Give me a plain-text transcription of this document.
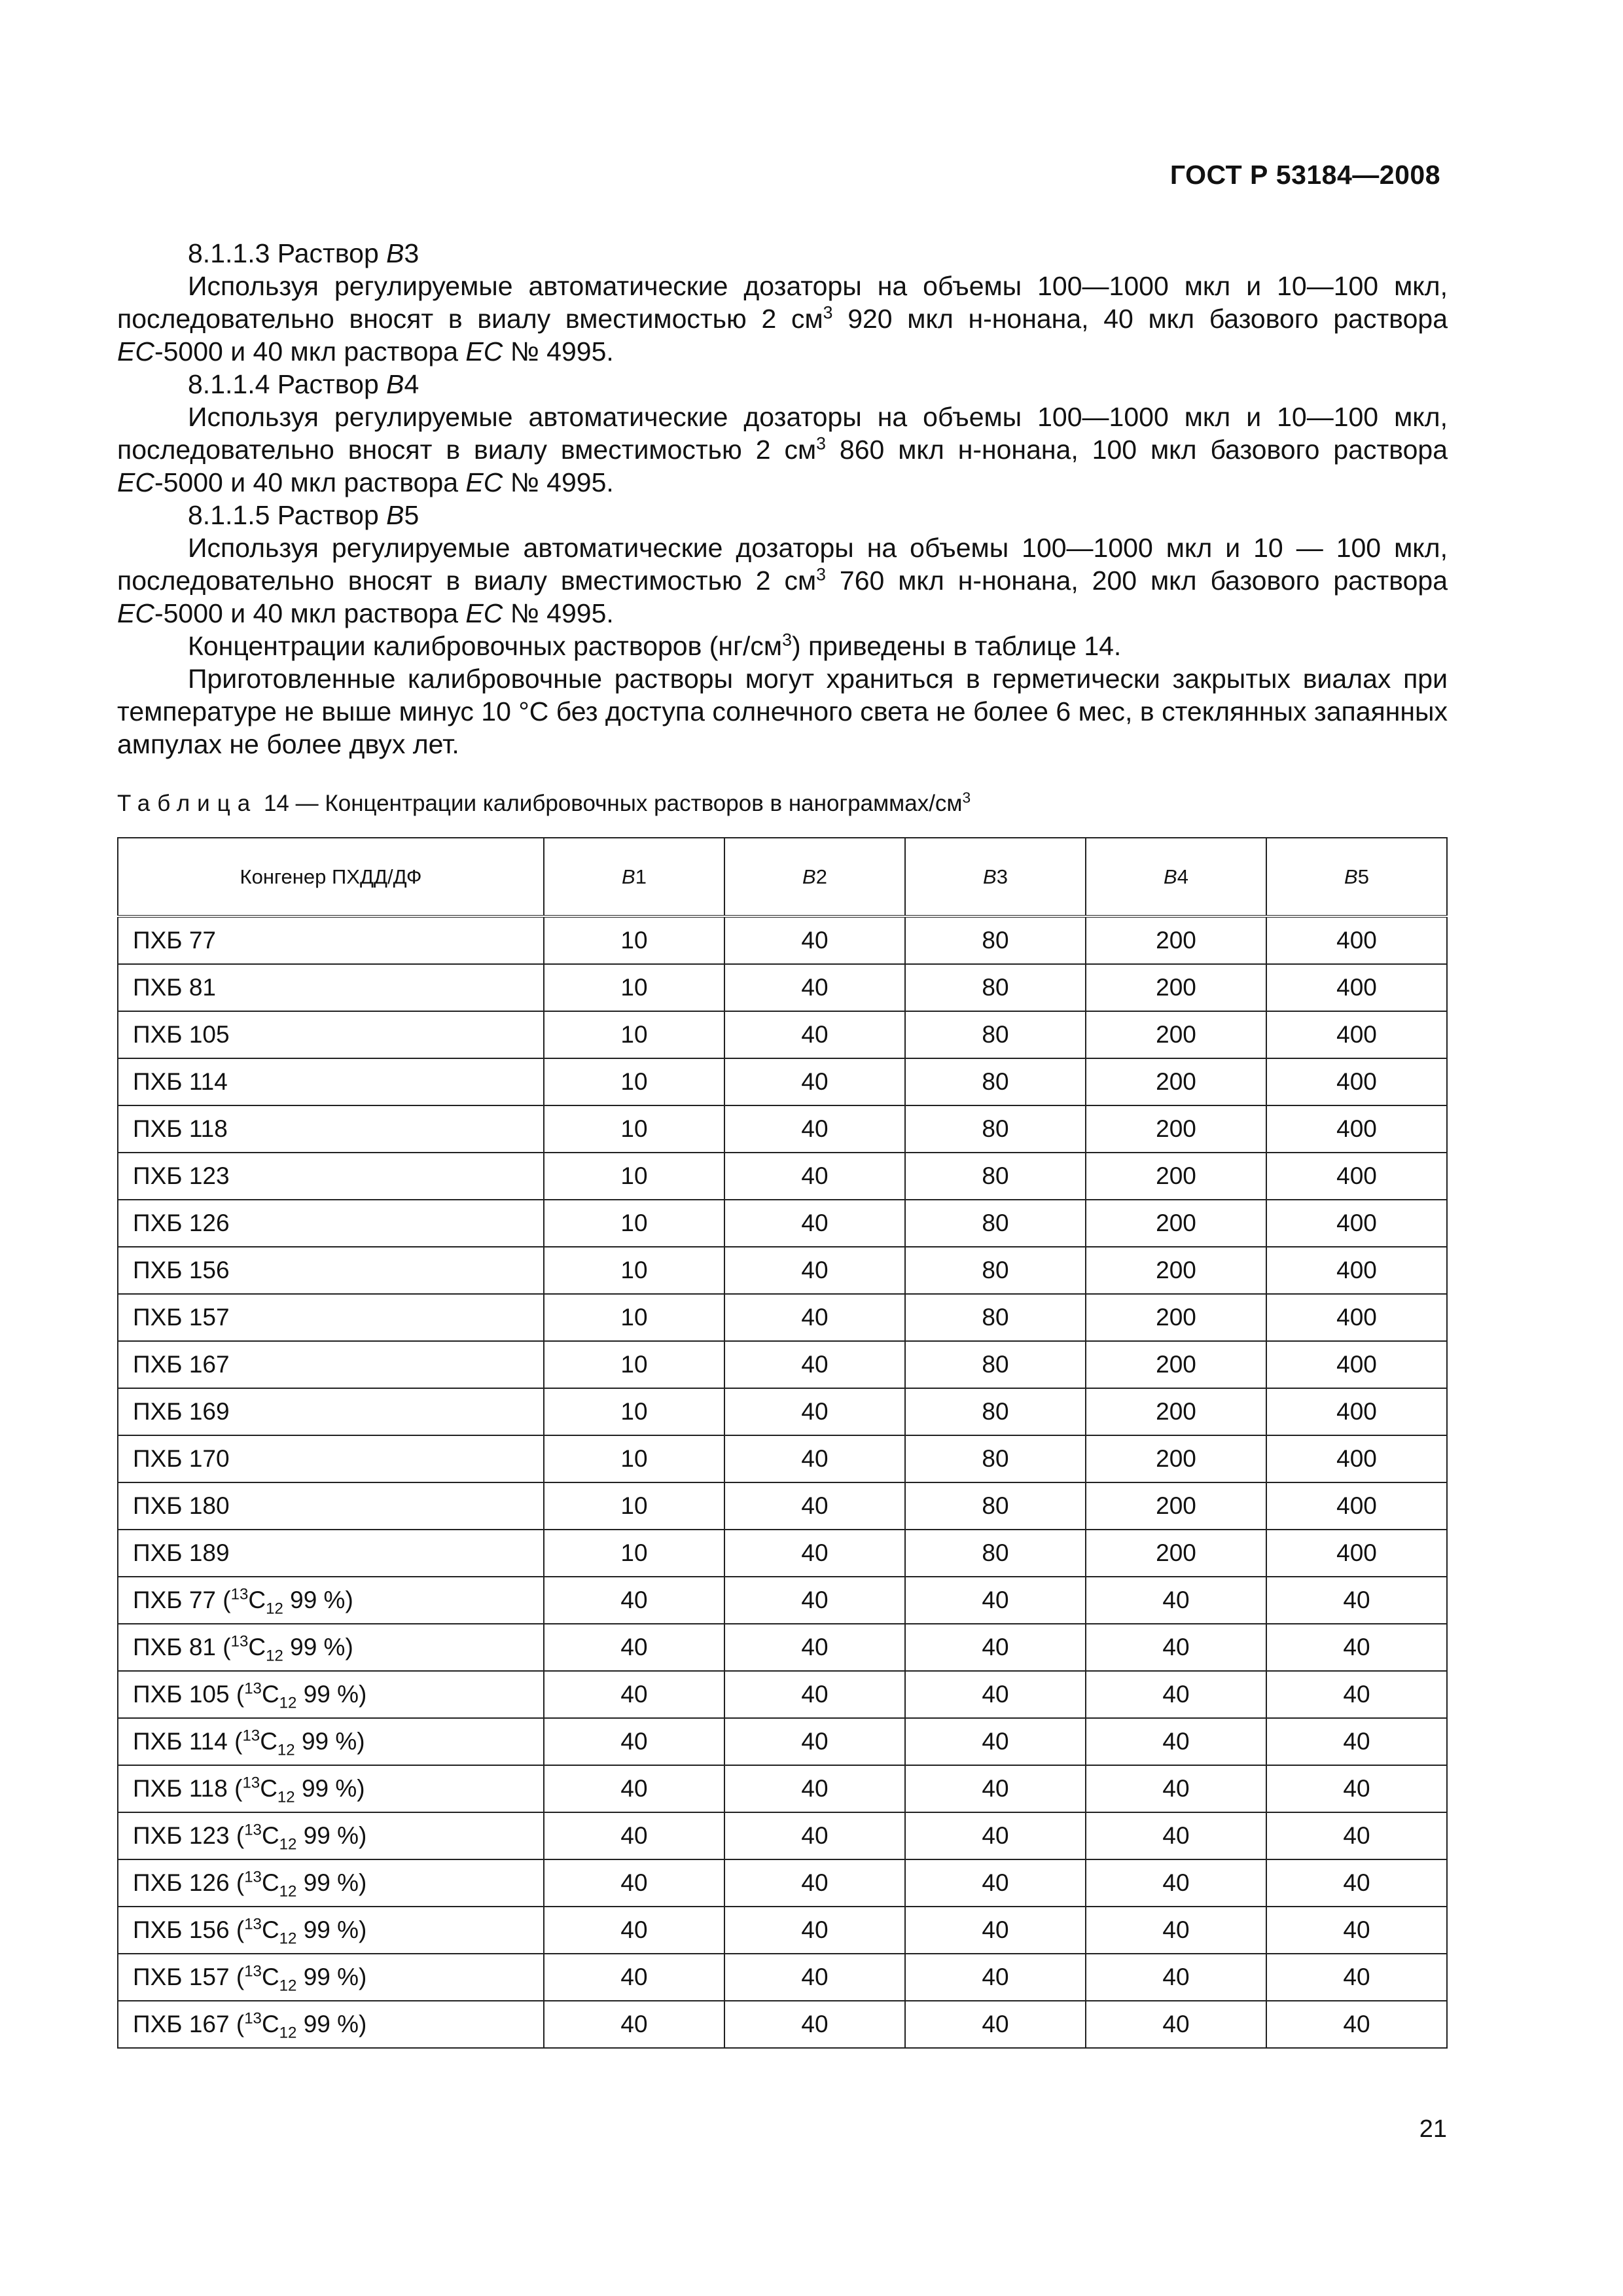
ГОСТ Р 53184—2008

8.1.1.3 Раствор В3

Используя регулируемые автоматические дозаторы на объемы 100—1000 мкл и 10—100 мкл, последовательно вносят в виалу вместимостью 2 $см^3$ 920 мкл н-нонана, 40 мкл базового раствора ЕС-5000 и 40 мкл раствора ЕС № 4995.

8.1.1.4 Раствор В4

Используя регулируемые автоматические дозаторы на объемы 100—1000 мкл и 10—100 мкл, последовательно вносят в виалу вместимостью 2 $см^3$ 860 мкл н-нонана, 100 мкл базового раствора ЕС-5000 и 40 мкл раствора ЕС № 4995.

8.1.1.5 Раствор В5

Используя регулируемые автоматические дозаторы на объемы 100—1000 мкл и 10 — 100 мкл, последовательно вносят в виалу вместимостью 2 $см^3$ 760 мкл н-нонана, 200 мкл базового раствора ЕС-5000 и 40 мкл раствора ЕС № 4995.

Концентрации калибровочных растворов $(нг/см^3)$ приведены в таблице 14.

Приготовленные калибровочные растворы могут храниться в герметически закрытых виалах при температуре не выше минус 10 °С без доступа солнечного света не более 6 мес, в стеклянных запаянных ампулах не более двух лет.

Таблица 14 — Концентрации калибровочных растворов в нанограммах/$см^3$
Конгенер ПХДД/ДФ	В1	В2	В3	В4	В5
ПХБ 77	10	40	80	200	400
ПХБ 81	10	40	80	200	400
ПХБ 105	10	40	80	200	400
ПХБ 114	10	40	80	200	400
ПХБ 118	10	40	80	200	400
ПХБ 123	10	40	80	200	400
ПХБ 126	10	40	80	200	400
ПХБ 156	10	40	80	200	400
ПХБ 157	10	40	80	200	400
ПХБ 167	10	40	80	200	400
ПХБ 169	10	40	80	200	400
ПХБ 170	10	40	80	200	400
ПХБ 180	10	40	80	200	400
ПХБ 189	10	40	80	200	400
ПХБ 77 ($^{13}C_{12}$ 99 %)	40	40	40	40	40
ПХБ 81 ($^{13}C_{12}$ 99 %)	40	40	40	40	40
ПХБ 105 ($^{13}C_{12}$ 99 %)	40	40	40	40	40
ПХБ 114 ($^{13}C_{12}$ 99 %)	40	40	40	40	40
ПХБ 118 ($^{13}C_{12}$ 99 %)	40	40	40	40	40
ПХБ 123 ($^{13}C_{12}$ 99 %)	40	40	40	40	40
ПХБ 126 ($^{13}C_{12}$ 99 %)	40	40	40	40	40
ПХБ 156 ($^{13}C_{12}$ 99 %)	40	40	40	40	40
ПХБ 157 ($^{13}C_{12}$ 99 %)	40	40	40	40	40
ПХБ 167 ($^{13}C_{12}$ 99 %)	40	40	40	40	40
21
